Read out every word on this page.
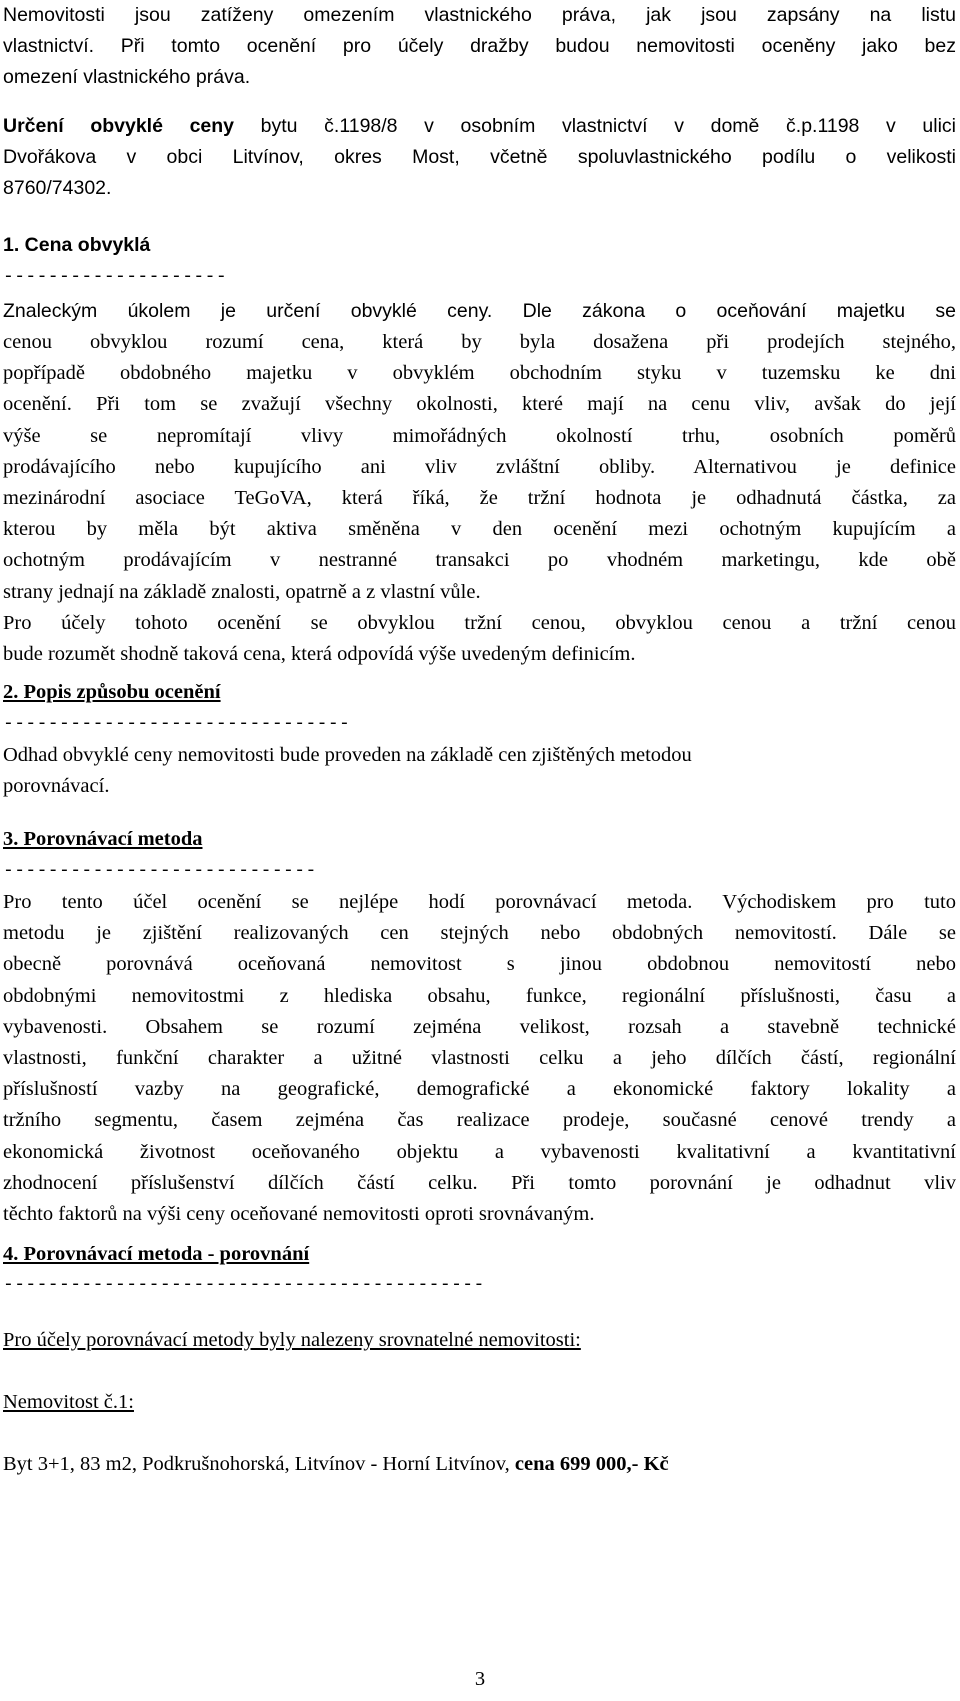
Nemovitosti jsou zatíženy omezením vlastnického práva, jak jsou zapsány na listu
vlastnictví. Při tomto ocenění pro účely dražby budou nemovitosti oceněny jako bez
omezení vlastnického práva.
Určení obvyklé ceny bytu č.1198/8 v osobním vlastnictví v domě č.p.1198 v ulici
Dvořákova v obci Litvínov, okres Most, včetně spoluvlastnického podílu o velikosti
8760/74302.
1. Cena obvyklá
--------------------
Znaleckým úkolem je určení obvyklé ceny. Dle zákona o oceňování majetku se
cenou obvyklou rozumí cena, která by byla dosažena při prodejích stejného,
popřípadě obdobného majetku v obvyklém obchodním styku v tuzemsku ke dni
ocenění. Při tom se zvažují všechny okolnosti, které mají na cenu vliv, avšak do její
výše se nepromítají vlivy mimořádných okolností trhu, osobních poměrů
prodávajícího nebo kupujícího ani vliv zvláštní obliby. Alternativou je definice
mezinárodní asociace TeGoVA, která říká, že tržní hodnota je odhadnutá částka, za
kterou by měla být aktiva směněna v den ocenění mezi ochotným kupujícím a
ochotným prodávajícím v nestranné transakci po vhodném marketingu, kde obě
strany jednají na základě znalosti, opatrně a z vlastní vůle.
Pro účely tohoto ocenění se obvyklou tržní cenou, obvyklou cenou a tržní cenou
bude rozumět shodně taková cena, která odpovídá výše uvedeným definicím.
2. Popis způsobu ocenění
-------------------------------
Odhad obvyklé ceny nemovitosti bude proveden na základě cen zjištěných metodou
porovnávací.
3. Porovnávací metoda
----------------------------
Pro tento účel ocenění se nejlépe hodí porovnávací metoda. Východiskem pro tuto
metodu je zjištění realizovaných cen stejných nebo obdobných nemovitostí. Dále se
obecně porovnává oceňovaná nemovitost s jinou obdobnou nemovitostí nebo
obdobnými nemovitostmi z hlediska obsahu, funkce, regionální příslušnosti, času a
vybavenosti. Obsahem se rozumí zejména velikost, rozsah a stavebně technické
vlastnosti, funkční charakter a užitné vlastnosti celku a jeho dílčích částí, regionální
příslušností vazby na geografické, demografické a ekonomické faktory lokality a
tržního segmentu, časem zejména čas realizace prodeje, současné cenové trendy a
ekonomická životnost oceňovaného objektu a vybavenosti kvalitativní a kvantitativní
zhodnocení příslušenství dílčích částí celku. Při tomto porovnání je odhadnut vliv
těchto faktorů na výši ceny oceňované nemovitosti oproti srovnávaným.
4. Porovnávací metoda - porovnání
-------------------------------------------
Pro účely porovnávací metody byly nalezeny srovnatelné nemovitosti:
Nemovitost č.1:
Byt 3+1, 83 m2, Podkrušnohorská, Litvínov - Horní Litvínov, cena 699 000,- Kč
3
